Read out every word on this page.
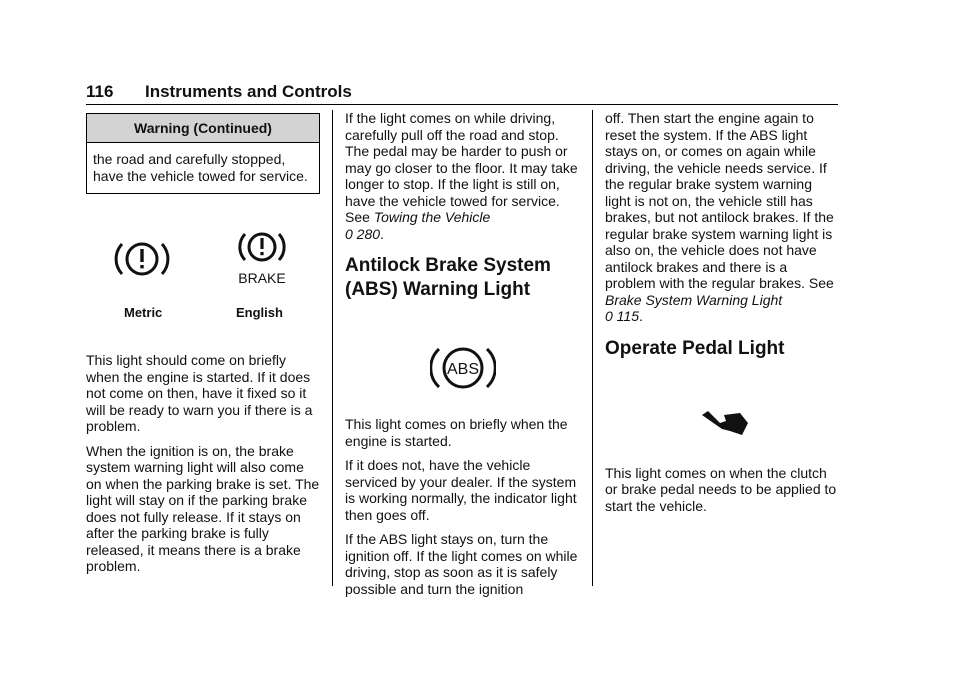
116 Instruments and Controls
Warning (Continued)
the road and carefully stopped, have the vehicle towed for service.
BRAKE
Metric	English

This light should come on briefly when the engine is started. If it does not come on then, have it fixed so it will be ready to warn you if there is a problem.

When the ignition is on, the brake system warning light will also come on when the parking brake is set. The light will stay on if the parking brake does not fully release. If it stays on after the parking brake is fully released, it means there is a brake problem.

If the light comes on while driving, carefully pull off the road and stop. The pedal may be harder to push or may go closer to the floor. It may take longer to stop. If the light is still on, have the vehicle towed for service. See Towing the Vehicle
0 280.

Antilock Brake System (ABS) Warning Light
ABS

This light comes on briefly when the engine is started.

If it does not, have the vehicle serviced by your dealer. If the system is working normally, the indicator light then goes off.

If the ABS light stays on, turn the ignition off. If the light comes on while driving, stop as soon as it is safely possible and turn the ignition

off. Then start the engine again to reset the system. If the ABS light stays on, or comes on again while driving, the vehicle needs service. If the regular brake system warning light is not on, the vehicle still has brakes, but not antilock brakes. If the regular brake system warning light is also on, the vehicle does not have antilock brakes and there is a problem with the regular brakes. See Brake System Warning Light
0 115.

Operate Pedal Light

This light comes on when the clutch or brake pedal needs to be applied to start the vehicle.
